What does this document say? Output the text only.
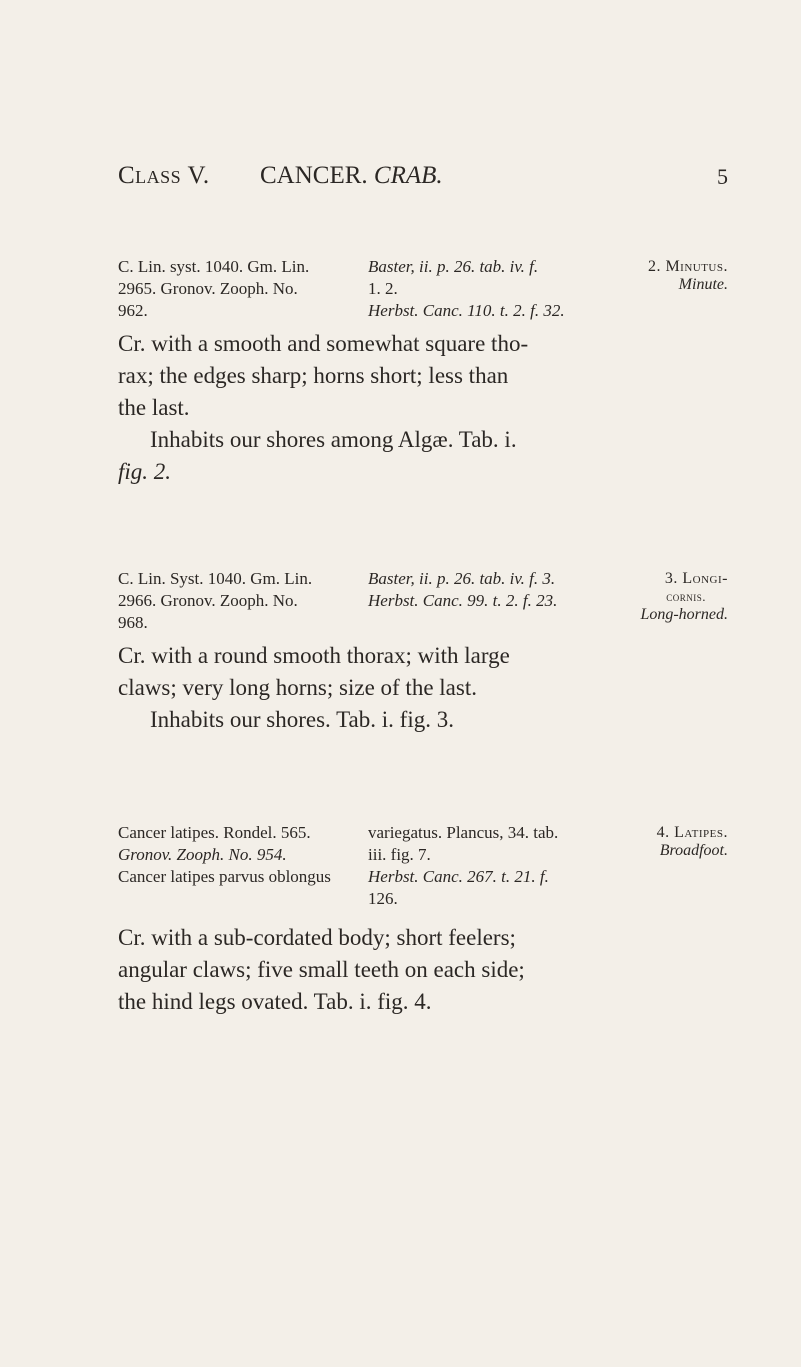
Class V. CANCER. CRAB.	5
C. Lin. syst. 1040. Gm. Lin.
2965. Gronov. Zooph. No.
962.
Baster, ii. p. 26. tab. iv. f.
1. 2.
Herbst. Canc. 110. t. 2. f. 32.
2. Minutus.
Minute.
Cr. with a smooth and somewhat square tho-
rax; the edges sharp; horns short; less than
the last.
Inhabits our shores among Algæ. Tab. i.
fig. 2.
C. Lin. Syst. 1040. Gm. Lin.
2966. Gronov. Zooph. No.
968.
Baster, ii. p. 26. tab. iv. f. 3.
Herbst. Canc. 99. t. 2. f. 23.
3. Longi-
cornis.
Long-horned.
Cr. with a round smooth thorax; with large
claws; very long horns; size of the last.
Inhabits our shores. Tab. i. fig. 3.
Cancer latipes. Rondel. 565.
Gronov. Zooph. No. 954.
Cancer latipes parvus oblongus
variegatus. Plancus, 34. tab.
iii. fig. 7.
Herbst. Canc. 267. t. 21. f.
126.
4. Latipes.
Broadfoot.
Cr. with a sub-cordated body; short feelers;
angular claws; five small teeth on each side;
the hind legs ovated. Tab. i. fig. 4.
